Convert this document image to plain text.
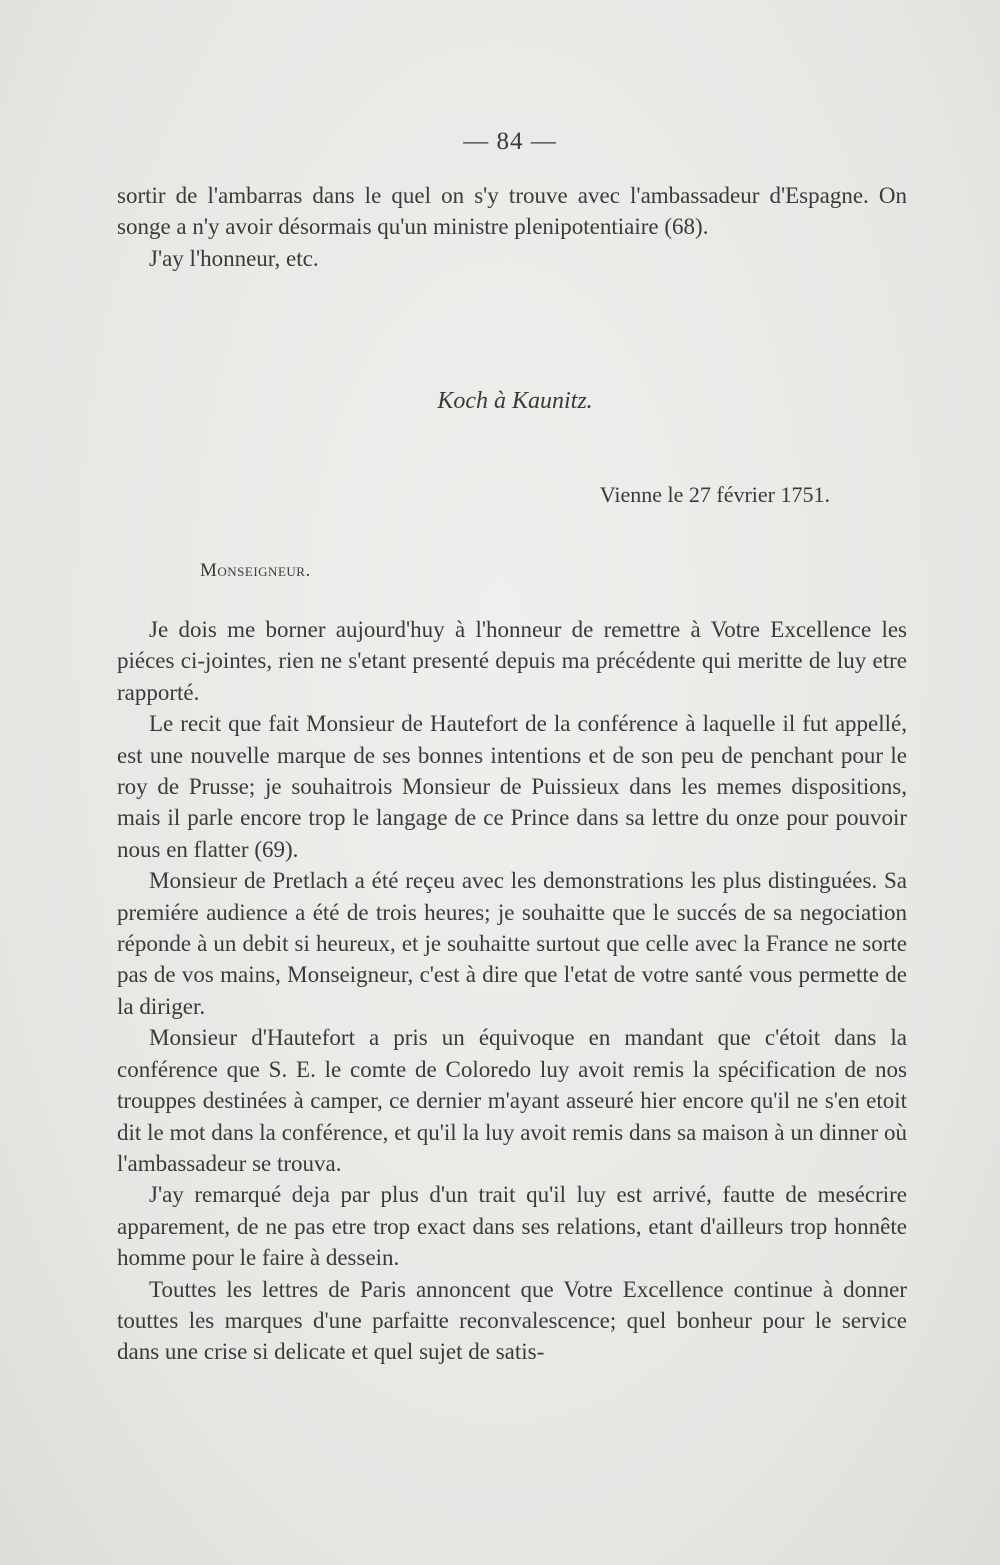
— 84 —

sortir de l'ambarras dans le quel on s'y trouve avec l'ambassadeur d'Espagne. On songe a n'y avoir désormais qu'un ministre plenipotentiaire (68).

J'ay l'honneur, etc.

Koch à Kaunitz.
Vienne le 27 février 1751.
Monseigneur.

Je dois me borner aujourd'huy à l'honneur de remettre à Votre Excellence les piéces ci-jointes, rien ne s'etant presenté depuis ma précédente qui meritte de luy etre rapporté.

Le recit que fait Monsieur de Hautefort de la conférence à laquelle il fut appellé, est une nouvelle marque de ses bonnes intentions et de son peu de penchant pour le roy de Prusse; je souhaitrois Monsieur de Puissieux dans les memes dispositions, mais il parle encore trop le langage de ce Prince dans sa lettre du onze pour pouvoir nous en flatter (69).

Monsieur de Pretlach a été reçeu avec les demonstrations les plus distinguées. Sa premiére audience a été de trois heures; je souhaitte que le succés de sa negociation réponde à un debit si heureux, et je souhaitte surtout que celle avec la France ne sorte pas de vos mains, Monseigneur, c'est à dire que l'etat de votre santé vous permette de la diriger.

Monsieur d'Hautefort a pris un équivoque en mandant que c'étoit dans la conférence que S. E. le comte de Coloredo luy avoit remis la spécification de nos trouppes destinées à camper, ce dernier m'ayant asseuré hier encore qu'il ne s'en etoit dit le mot dans la conférence, et qu'il la luy avoit remis dans sa maison à un dinner où l'ambassadeur se trouva.

J'ay remarqué deja par plus d'un trait qu'il luy est arrivé, fautte de mesécrire apparement, de ne pas etre trop exact dans ses relations, etant d'ailleurs trop honnête homme pour le faire à dessein.

Touttes les lettres de Paris annoncent que Votre Excellence continue à donner touttes les marques d'une parfaitte reconvalescence; quel bonheur pour le service dans une crise si delicate et quel sujet de satis-
